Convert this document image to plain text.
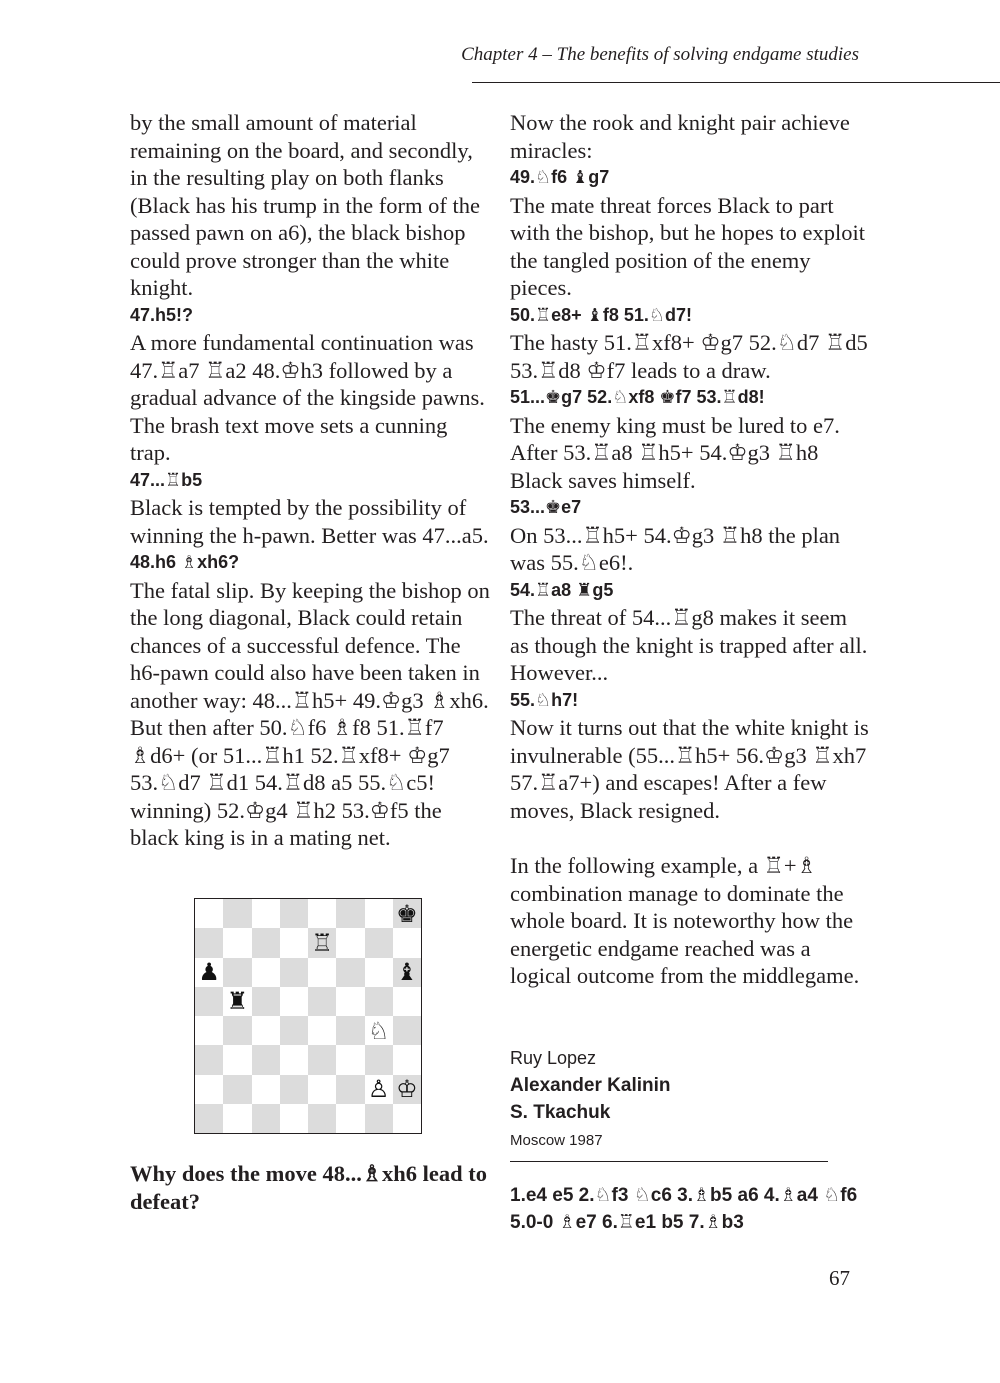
Chapter 4 – The benefits of solving endgame studies

by the small amount of material remaining on the board, and secondly, in the resulting play on both flanks (Black has his trump in the form of the passed pawn on a6), the black bishop could prove stronger than the white knight.

47.h5!?

A more fundamental continuation was 47.♖a7 ♖a2 48.♔h3 followed by a gradual advance of the kingside pawns. The brash text move sets a cunning trap.

47...♖b5

Black is tempted by the possibility of winning the h-pawn. Better was 47...a5.

48.h6 ♗xh6?

The fatal slip. By keeping the bishop on the long diagonal, Black could retain chances of a successful defence. The h6-pawn could also have been taken in another way: 48...♖h5+ 49.♔g3 ♗xh6. But then after 50.♘f6 ♗f8 51.♖f7 ♗d6+ (or 51...♖h1 52.♖xf8+ ♔g7 53.♘d7 ♖d1 54.♖d8 a5 55.♘c5! winning) 52.♔g4 ♖h2 53.♔f5 the black king is in a mating net.

♚
♖
♟	♝
♜
♘
♙ ♔
Why does the move 48...♗xh6 lead to defeat?

Now the rook and knight pair achieve miracles:

49.♘f6 ♝g7

The mate threat forces Black to part with the bishop, but he hopes to exploit the tangled position of the enemy pieces.

50.♖e8+ ♝f8 51.♘d7!

The hasty 51.♖xf8+ ♔g7 52.♘d7 ♖d5 53.♖d8 ♔f7 leads to a draw.

51...♚g7 52.♘xf8 ♚f7 53.♖d8!

The enemy king must be lured to e7. After 53.♖a8 ♖h5+ 54.♔g3 ♖h8 Black saves himself.

53...♚e7

On 53...♖h5+ 54.♔g3 ♖h8 the plan was 55.♘e6!.

54.♖a8 ♜g5

The threat of 54...♖g8 makes it seem as though the knight is trapped after all. However...

55.♘h7!

Now it turns out that the white knight is invulnerable (55...♖h5+ 56.♔g3 ♖xh7 57.♖a7+) and escapes! After a few moves, Black resigned.

In the following example, a ♖+♗ combination manage to dominate the whole board. It is noteworthy how the energetic endgame reached was a logical outcome from the middlegame.

Ruy Lopez
Alexander Kalinin
S. Tkachuk
Moscow 1987
1.e4 e5 2.♘f3 ♘c6 3.♗b5 a6 4.♗a4 ♘f6 5.0-0 ♗e7 6.♖e1 b5 7.♗b3
67
